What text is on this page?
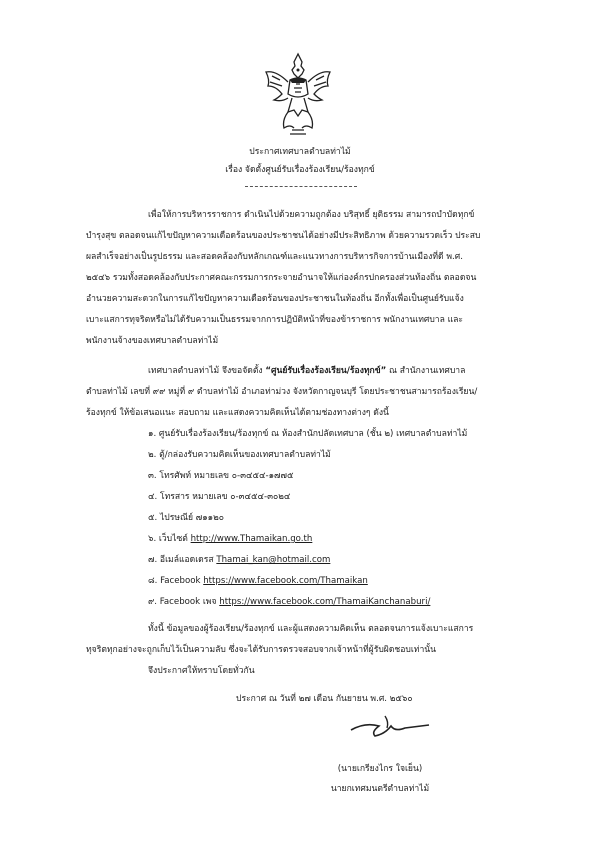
ประกาศเทศบาลตำบลท่าไม้
เรื่อง จัดตั้งศูนย์รับเรื่องร้องเรียน/ร้องทุกข์
เพื่อให้การบริหารราชการ ดำเนินไปด้วยความถูกต้อง บริสุทธิ์ ยุติธรรม สามารถบำบัดทุกข์
บำรุงสุข ตลอดจนแก้ไขปัญหาความเดือดร้อนของประชาชนได้อย่างมีประสิทธิภาพ ด้วยความรวดเร็ว ประสบ
ผลสำเร็จอย่างเป็นรูปธรรม และสอดคล้องกับหลักเกณฑ์และแนวทางการบริหารกิจการบ้านเมืองที่ดี พ.ศ.
๒๕๔๖ รวมทั้งสอดคล้องกับประกาศคณะกรรมการกระจายอำนาจให้แก่องค์กรปกครองส่วนท้องถิ่น ตลอดจน
อำนวยความสะดวกในการแก้ไขปัญหาความเดือดร้อนของประชาชนในท้องถิ่น อีกทั้งเพื่อเป็นศูนย์รับแจ้ง
เบาะแสการทุจริตหรือไม่ได้รับความเป็นธรรมจากการปฏิบัติหน้าที่ของข้าราชการ พนักงานเทศบาล และ
พนักงานจ้างของเทศบาลตำบลท่าไม้
เทศบาลตำบลท่าไม้ จึงขอจัดตั้ง “ศูนย์รับเรื่องร้องเรียน/ร้องทุกข์” ณ สำนักงานเทศบาล
ตำบลท่าไม้ เลขที่ ๙๙ หมู่ที่ ๙ ตำบลท่าไม้ อำเภอท่าม่วง จังหวัดกาญจนบุรี โดยประชาชนสามารถร้องเรียน/
ร้องทุกข์ ให้ข้อเสนอแนะ สอบถาม และแสดงความคิดเห็นได้ตามช่องทางต่างๆ ดังนี้
๑. ศูนย์รับเรื่องร้องเรียน/ร้องทุกข์ ณ ห้องสำนักปลัดเทศบาล (ชั้น ๒) เทศบาลตำบลท่าไม้
๒. ตู้/กล่องรับความคิดเห็นของเทศบาลตำบลท่าไม้
๓. โทรศัพท์ หมายเลข ๐-๓๔๕๔-๑๗๗๕
๔. โทรสาร หมายเลข ๐-๓๔๕๔-๓๐๒๔
๕. ไปรษณีย์ ๗๑๑๒๐
๖. เว็บไซต์ http://www.Thamaikan.go.th
๗. อีเมล์แอดเดรส Thamai_kan@hotmail.com
๘. Facebook https://www.facebook.com/Thamaikan
๙. Facebook เพจ https://www.facebook.com/ThamaiKanchanaburi/
ทั้งนี้ ข้อมูลของผู้ร้องเรียน/ร้องทุกข์ และผู้แสดงความคิดเห็น ตลอดจนการแจ้งเบาะแสการ
ทุจริตทุกอย่างจะถูกเก็บไว้เป็นความลับ ซึ่งจะได้รับการตรวจสอบจากเจ้าหน้าที่ผู้รับผิดชอบเท่านั้น
จึงประกาศให้ทราบโดยทั่วกัน
ประกาศ ณ วันที่ ๒๗ เดือน กันยายน พ.ศ. ๒๕๖๐
(นายเกรียงไกร ใจเย็น)
นายกเทศมนตรีตำบลท่าไม้
